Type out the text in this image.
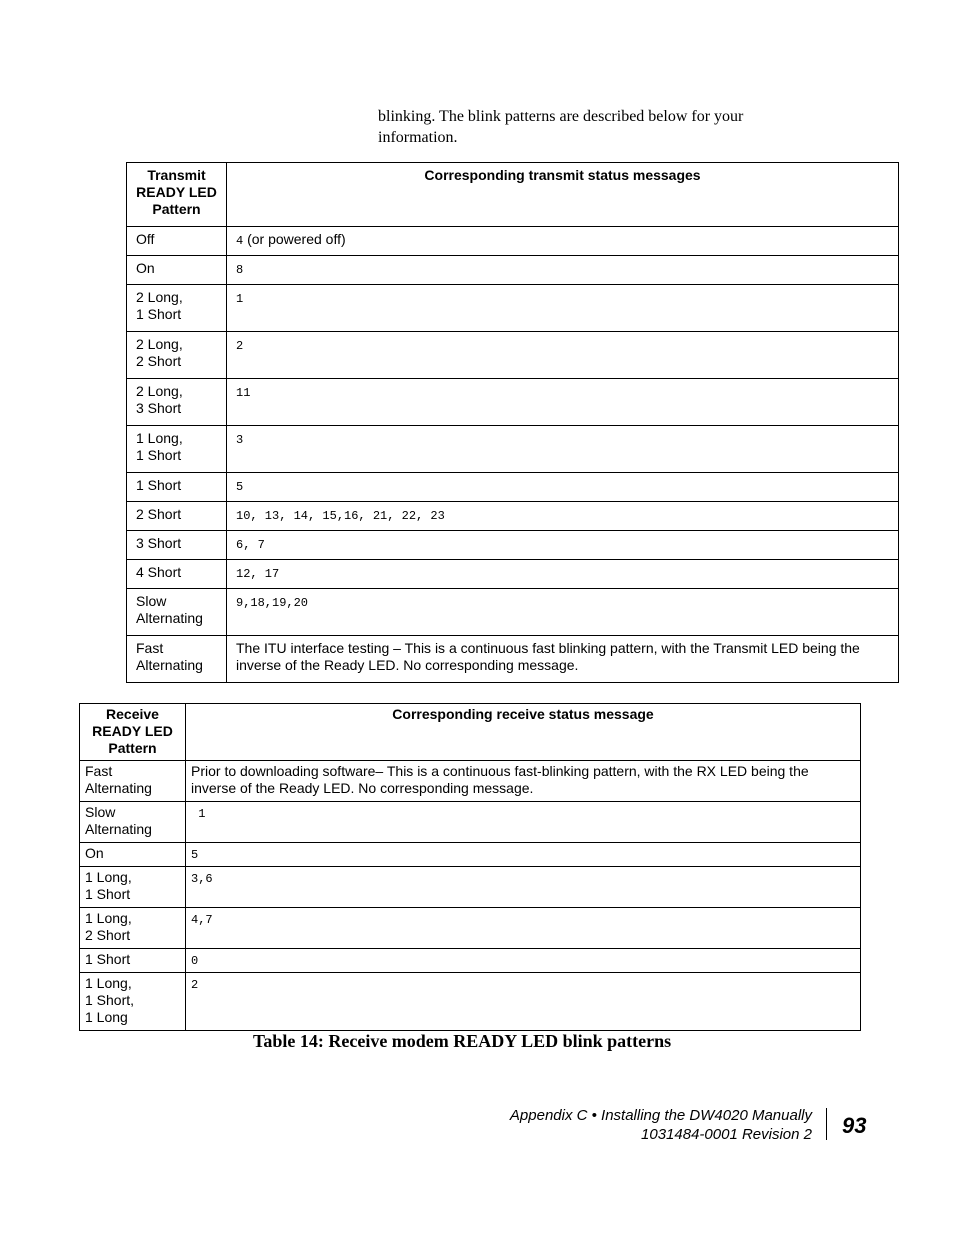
blinking. The blink patterns are described below for your
information.
Transmit READY LED Pattern	Corresponding transmit status messages
Off	4 (or powered off)
On	8
2 Long,
1 Short	1
2 Long,
2 Short	2
2 Long,
3 Short	11
1 Long,
1 Short	3
1 Short	5
2 Short	10, 13, 14, 15,16, 21, 22, 23
3 Short	6, 7
4 Short	12, 17
Slow
Alternating	9,18,19,20
Fast
Alternating	The ITU interface testing – This is a continuous fast blinking pattern, with the Transmit LED being the inverse of the Ready LED. No corresponding message.
Receive READY LED Pattern	Corresponding receive status message
Fast
Alternating	Prior to downloading software– This is a continuous fast-blinking pattern, with the RX LED being the inverse of the Ready LED. No corresponding message.
Slow
Alternating	1
On	5
1 Long,
1 Short	3,6
1 Long,
2 Short	4,7
1 Short	0
1 Long,
1 Short,
1 Long	2
Table 14: Receive modem READY LED blink patterns
Appendix C • Installing the DW4020 Manually
1031484-0001 Revision 2 93
